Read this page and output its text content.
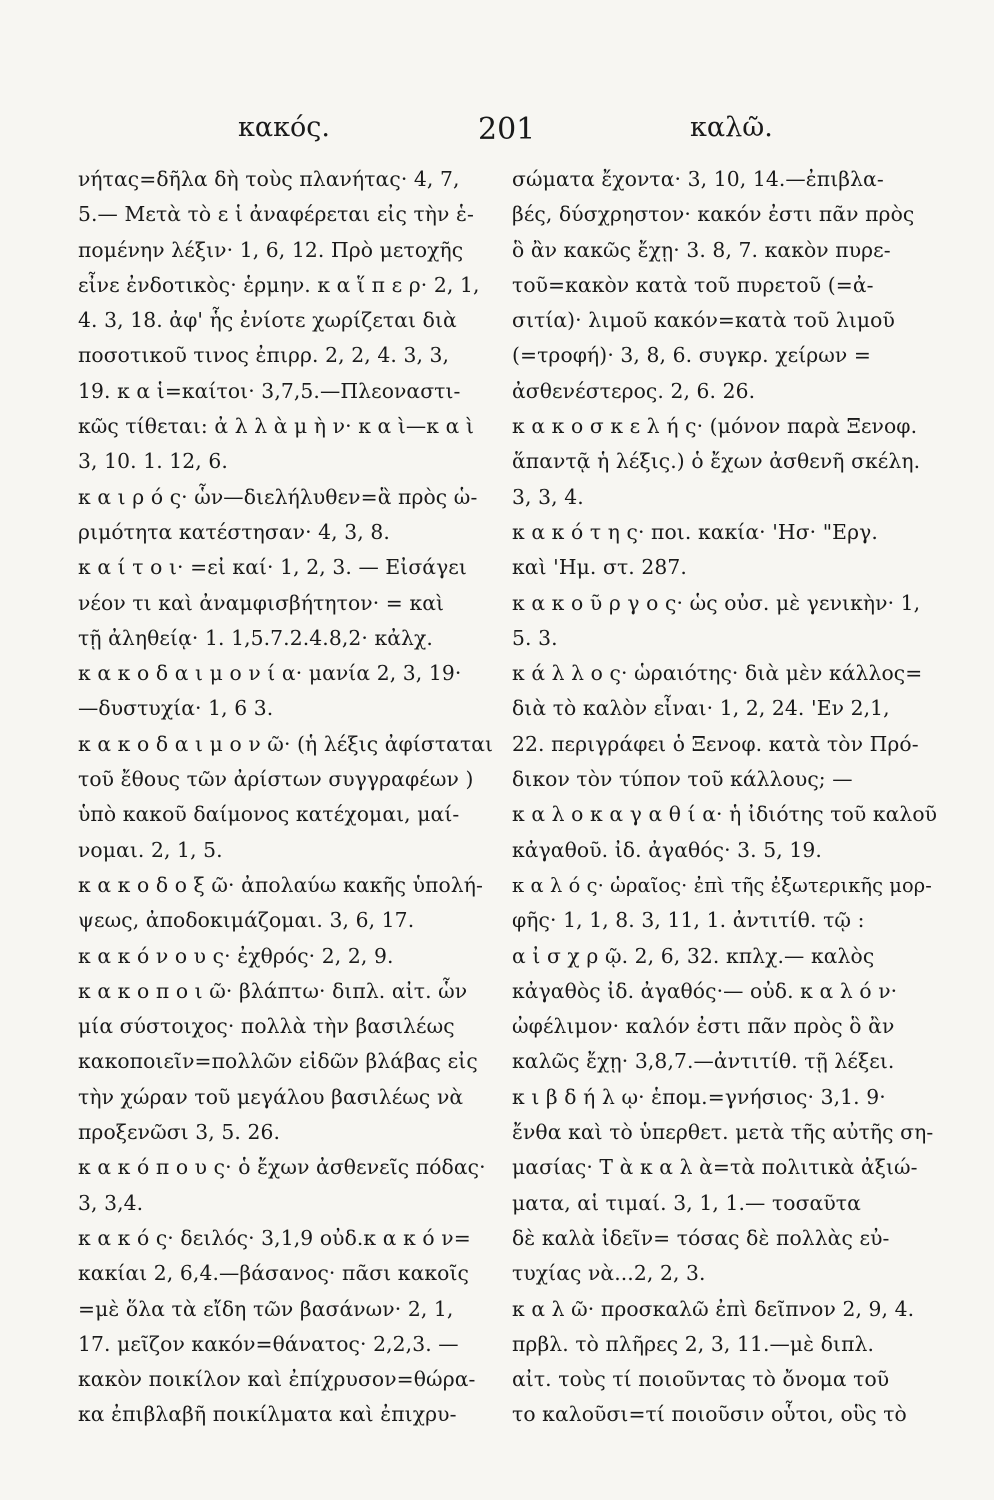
κακός.	201	καλῶ.
νήτας=δῆλα δὴ τοὺς πλανήτας· 4, 7,
5.— Μετὰ τὸ ε ἱ ἀναφέρεται εἰς τὴν ἑ-
πομένην λέξιν· 1, 6, 12. Πρὸ μετοχῆς
εἶνε ἐνδοτικὸς· ἑρμην. κ α ἵ π ε ρ· 2, 1,
4. 3, 18. ἀφ' ἧς ἐνίοτε χωρίζεται διὰ
ποσοτικοῦ τινος ἐπιρρ. 2, 2, 4. 3, 3,
19. κ α ἱ=καίτοι· 3,7,5.—Πλεοναστι-
κῶς τίθεται: ἀ λ λ ὰ μ ὴ ν· κ α ὶ—κ α ὶ
3, 10. 1. 12, 6.
κ α ι ρ ό ς· ὧν—διελήλυθεν=ἃ πρὸς ὡ-
ριμότητα κατέστησαν· 4, 3, 8.
κ α ί τ ο ι· =εἰ καί· 1, 2, 3. — Εἰσάγει
νέον τι καὶ ἀναμφισβήτητον· = καὶ
τῇ ἀληθείᾳ· 1. 1,5.7.2.4.8,2· κἀλχ.
κ α κ ο δ α ι μ ο ν ί α· μανία 2, 3, 19·
—δυστυχία· 1, 6 3.
κ α κ ο δ α ι μ ο ν ῶ· (ἡ λέξις ἀφίσταται
τοῦ ἔθους τῶν ἀρίστων συγγραφέων )
ὑπὸ κακοῦ δαίμονος κατέχομαι, μαί-
νομαι. 2, 1, 5.
κ α κ ο δ ο ξ ῶ· ἀπολαύω κακῆς ὑπολή-
ψεως, ἀποδοκιμάζομαι. 3, 6, 17.
κ α κ ό ν ο υ ς· ἐχθρός· 2, 2, 9.
κ α κ ο π ο ι ῶ· βλάπτω· διπλ. αἰτ. ὧν
μία σύστοιχος· πολλὰ τὴν βασιλέως
κακοποιεῖν=πολλῶν εἰδῶν βλάβας εἰς
τὴν χώραν τοῦ μεγάλου βασιλέως νὰ
προξενῶσι 3, 5. 26.
κ α κ ό π ο υ ς· ὁ ἔχων ἀσθενεῖς πόδας·
3, 3,4.
κ α κ ό ς· δειλός· 3,1,9 οὐδ.κ α κ ό ν=
κακίαι 2, 6,4.—βάσανος· πᾶσι κακοῖς
=μὲ ὅλα τὰ εἴδη τῶν βασάνων· 2, 1,
17. μεῖζον κακόν=θάνατος· 2,2,3. —
κακὸν ποικίλον καὶ ἐπίχρυσον=θώρα-
κα ἐπιβλαβῆ ποικίλματα καὶ ἐπιχρυ-
σώματα ἔχοντα· 3, 10, 14.—ἐπιβλα-
βές, δύσχρηστον· κακόν ἐστι πᾶν πρὸς
ὃ ἂν κακῶς ἔχῃ· 3. 8, 7. κακὸν πυρε-
τοῦ=κακὸν κατὰ τοῦ πυρετοῦ (=ἀ-
σιτία)· λιμοῦ κακόν=κατὰ τοῦ λιμοῦ
(=τροφή)· 3, 8, 6. συγκρ. χείρων =
ἀσθενέστερος. 2, 6. 26.
κ α κ ο σ κ ε λ ή ς· (μόνον παρὰ Ξενοφ.
ἅπαντᾷ ἡ λέξις.) ὁ ἔχων ἀσθενῆ σκέλη.
3, 3, 4.
κ α κ ό τ η ς· ποι. κακία· 'Ησ· "Εργ.
καὶ 'Ημ. στ. 287.
κ α κ ο ῦ ρ γ ο ς· ὡς οὐσ. μὲ γενικὴν· 1,
5. 3.
κ ά λ λ ο ς· ὡραιότης· διὰ μὲν κάλλος=
διὰ τὸ καλὸν εἶναι· 1, 2, 24. 'Εν 2,1,
22. περιγράφει ὁ Ξενοφ. κατὰ τὸν Πρό-
δικον τὸν τύπον τοῦ κάλλους; —
κ α λ ο κ α γ α θ ί α· ἡ ἰδιότης τοῦ καλοῦ
κἀγαθοῦ. ἰδ. ἀγαθός· 3. 5, 19.
κ α λ ό ς· ὡραῖος· ἐπὶ τῆς ἐξωτερικῆς μορ-
φῆς· 1, 1, 8. 3, 11, 1. ἀντιτίθ. τῷ :
α ἰ σ χ ρ ῷ. 2, 6, 32. κπλχ.— καλὸς
κἀγαθὸς ἰδ. ἀγαθός·— οὐδ. κ α λ ό ν·
ὠφέλιμον· καλόν ἐστι πᾶν πρὸς ὃ ἂν
καλῶς ἔχῃ· 3,8,7.—ἀντιτίθ. τῇ λέξει.
κ ι β δ ή λ ῳ· ἑπομ.=γνήσιος· 3,1. 9·
ἔνθα καὶ τὸ ὑπερθετ. μετὰ τῆς αὐτῆς ση-
μασίας· Τ ὰ κ α λ ὰ=τὰ πολιτικὰ ἀξιώ-
ματα, αἱ τιμαί. 3, 1, 1.— τοσαῦτα
δὲ καλὰ ἰδεῖν= τόσας δὲ πολλὰς εὐ-
τυχίας νὰ...2, 2, 3.
κ α λ ῶ· προσκαλῶ ἐπὶ δεῖπνον 2, 9, 4.
πρβλ. τὸ πλῆρες 2, 3, 11.—μὲ διπλ.
αἰτ. τοὺς τί ποιοῦντας τὸ ὄνομα τοῦ
το καλοῦσι=τί ποιοῦσιν οὗτοι, οὓς τὸ
